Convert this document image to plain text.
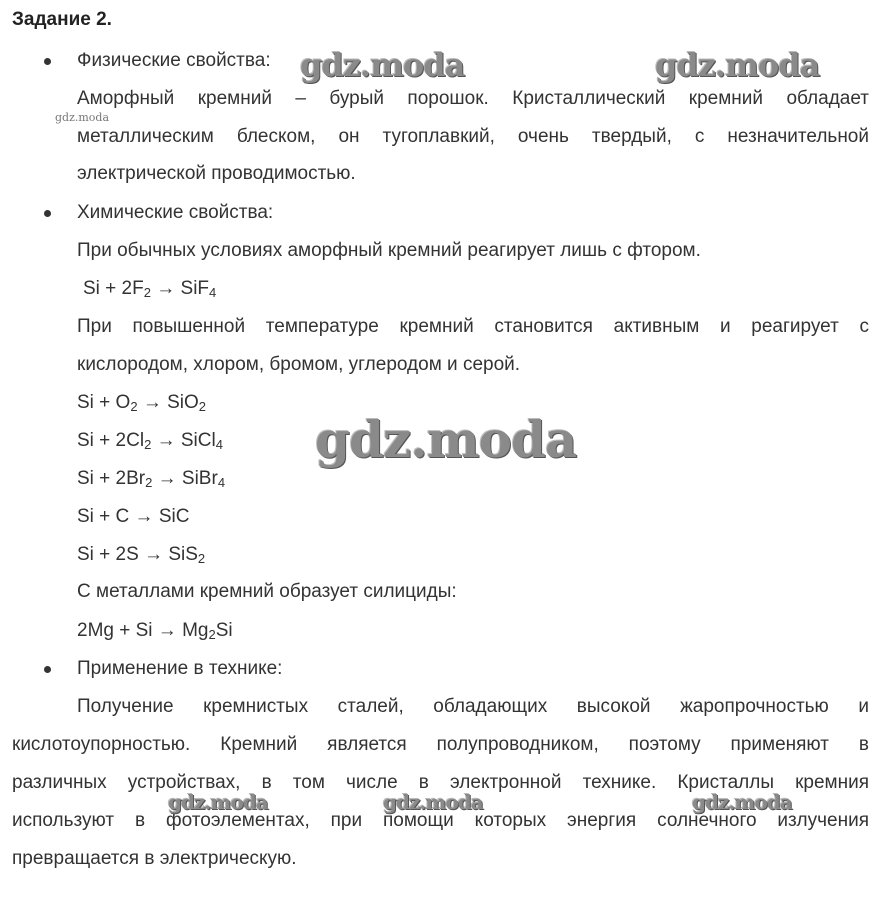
Задание 2.
Физические свойства:
Аморфный кремний – бурый порошок. Кристаллический кремний обладает
металлическим блеском, он тугоплавкий, очень твердый, с незначительной
электрической проводимостью.
Химические свойства:
При обычных условиях аморфный кремний реагирует лишь с фтором.
$Si + 2F_2 \to SiF_4$
При повышенной температуре кремний становится активным и реагирует с
кислородом, хлором, бромом, углеродом и серой.
$Si + O_2 \to SiO_2$
$Si + 2Cl_2$ → SiCl$_4$
$Si + 2Br_2$ → SiBr$_4$
Si + C → SiC
Si + 2S → SiS$_2$
С металлами кремний образует силициды:
$2Mg + Si \to Mg_2Si$
Применение в технике:
Получение кремнистых сталей, обладающих высокой жаропрочностью и
кислотоупорностью. Кремний является полупроводником, поэтому применяют в
различных устройствах, в том числе в электронной технике. Кристаллы кремния
используют в фотоэлементах, при помощи которых энергия солнечного излучения
превращается в электрическую.
gdz.moda	gdz.moda
gdz.moda
gdz.moda
gdz.moda	gdz.moda	gdz.moda
